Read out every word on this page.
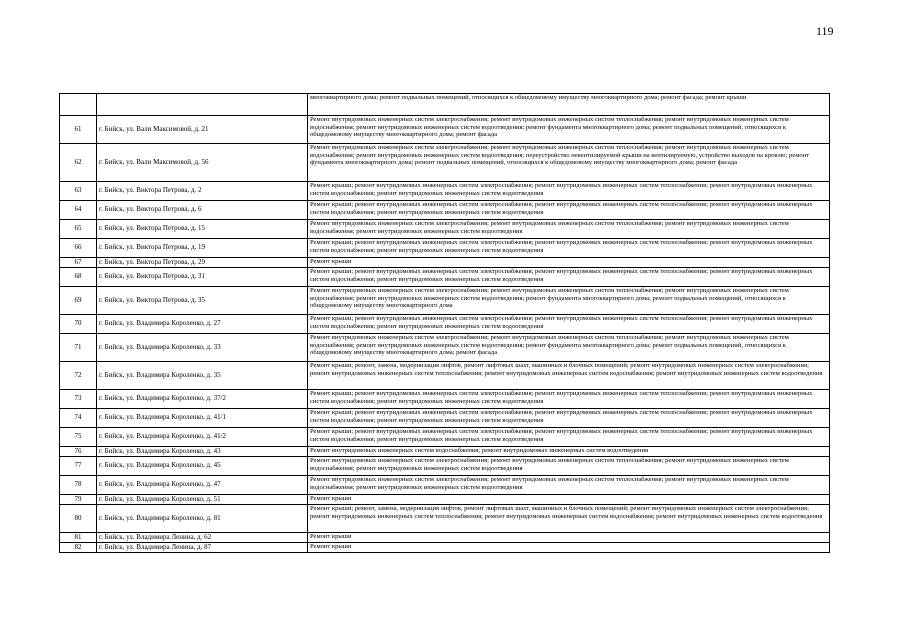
119
		многоквартирного дома; ремонт подвальных помещений, относящихся к общедомовому имуществу многоквартирного дома; ремонт фасада; ремонт крыши
61	г. Бийск, ул. Вали Максимовой, д. 21	Ремонт внутридомовых инженерных систем электроснабжения; ремонт внутридомовых инженерных систем теплоснабжения; ремонт внутридомовых инженерных систем водоснабжения; ремонт внутридомовых инженерных систем водоотведения; ремонт фундамента многоквартирного дома; ремонт подвальных помещений, относящихся к общедомовому имуществу многоквартирного дома; ремонт фасада
62	г. Бийск, ул. Вали Максимовой, д. 56	Ремонт внутридомовых инженерных систем электроснабжения; ремонт внутридомовых инженерных систем теплоснабжения; ремонт внутридомовых инженерных систем водоснабжения; ремонт внутридомовых инженерных систем водоотведения; переустройство невентилируемой крыши на вентилируемую, устройство выходов на кровлю; ремонт фундамента многоквартирного дома; ремонт подвальных помещений, относящихся к общедомовому имуществу многоквартирного дома; ремонт фасада
63	г. Бийск, ул. Виктора Петрова, д. 2	Ремонт крыши; ремонт внутридомовых инженерных систем электроснабжения; ремонт внутридомовых инженерных систем теплоснабжения; ремонт внутридомовых инженерных систем водоснабжения; ремонт внутридомовых инженерных систем водоотведения
64	г. Бийск, ул. Виктора Петрова, д. 6	Ремонт крыши; ремонт внутридомовых инженерных систем электроснабжения; ремонт внутридомовых инженерных систем теплоснабжения; ремонт внутридомовых инженерных систем водоснабжения; ремонт внутридомовых инженерных систем водоотведения
65	г. Бийск, ул. Виктора Петрова, д. 15	Ремонт внутридомовых инженерных систем электроснабжения; ремонт внутридомовых инженерных систем теплоснабжения; ремонт внутридомовых инженерных систем водоснабжения; ремонт внутридомовых инженерных систем водоотведения
66	г. Бийск, ул. Виктора Петрова, д. 19	Ремонт крыши; ремонт внутридомовых инженерных систем электроснабжения; ремонт внутридомовых инженерных систем теплоснабжения; ремонт внутридомовых инженерных систем водоснабжения; ремонт внутридомовых инженерных систем водоотведения
67	г. Бийск, ул. Виктора Петрова, д. 29	Ремонт крыши
68	г. Бийск, ул. Виктора Петрова, д. 31	Ремонт крыши; ремонт внутридомовых инженерных систем электроснабжения; ремонт внутридомовых инженерных систем теплоснабжения; ремонт внутридомовых инженерных систем водоснабжения; ремонт внутридомовых инженерных систем водоотведения
69	г. Бийск, ул. Виктора Петрова, д. 35	Ремонт внутридомовых инженерных систем электроснабжения; ремонт внутридомовых инженерных систем теплоснабжения; ремонт внутридомовых инженерных систем водоснабжения; ремонт внутридомовых инженерных систем водоотведения; ремонт фундамента многоквартирного дома; ремонт подвальных помещений, относящихся к общедомовому имуществу многоквартирного дома
70	г. Бийск, ул. Владимира Короленко, д. 27	Ремонт крыши; ремонт внутридомовых инженерных систем электроснабжения; ремонт внутридомовых инженерных систем теплоснабжения; ремонт внутридомовых инженерных систем водоснабжения; ремонт внутридомовых инженерных систем водоотведения
71	г. Бийск, ул. Владимира Короленко, д. 33	Ремонт внутридомовых инженерных систем электроснабжения; ремонт внутридомовых инженерных систем теплоснабжения; ремонт внутридомовых инженерных систем водоснабжения; ремонт внутридомовых инженерных систем водоотведения; ремонт фундамента многоквартирного дома; ремонт подвальных помещений, относящихся к общедомовому имуществу многоквартирного дома; ремонт фасада
72	г. Бийск, ул. Владимира Короленко, д. 35	Ремонт крыши; ремонт, замена, модернизация лифтов, ремонт лифтовых шахт, машинных и блочных помещений; ремонт внутридомовых инженерных систем электроснабжения; ремонт внутридомовых инженерных систем теплоснабжения; ремонт внутридомовых инженерных систем водоснабжения; ремонт внутридомовых инженерных систем водоотведения
73	г. Бийск, ул. Владимира Короленко, д. 37/2	Ремонт крыши; ремонт внутридомовых инженерных систем электроснабжения; ремонт внутридомовых инженерных систем теплоснабжения; ремонт внутридомовых инженерных систем водоснабжения; ремонт внутридомовых инженерных систем водоотведения
74	г. Бийск, ул. Владимира Короленко, д. 41/1	Ремонт крыши; ремонт внутридомовых инженерных систем электроснабжения; ремонт внутридомовых инженерных систем теплоснабжения; ремонт внутридомовых инженерных систем водоснабжения; ремонт внутридомовых инженерных систем водоотведения
75	г. Бийск, ул. Владимира Короленко, д. 41/2	Ремонт крыши; ремонт внутридомовых инженерных систем электроснабжения; ремонт внутридомовых инженерных систем теплоснабжения; ремонт внутридомовых инженерных систем водоснабжения; ремонт внутридомовых инженерных систем водоотведения
76	г. Бийск, ул. Владимира Короленко, д. 43	Ремонт внутридомовых инженерных систем водоснабжения; ремонт внутридомовых инженерных систем водоотведения
77	г. Бийск, ул. Владимира Короленко, д. 45	Ремонт внутридомовых инженерных систем электроснабжения; ремонт внутридомовых инженерных систем теплоснабжения; ремонт внутридомовых инженерных систем водоснабжения; ремонт внутридомовых инженерных систем водоотведения
78	г. Бийск, ул. Владимира Короленко, д. 47	Ремонт внутридомовых инженерных систем электроснабжения; ремонт внутридомовых инженерных систем теплоснабжения; ремонт внутридомовых инженерных систем водоснабжения; ремонт внутридомовых инженерных систем водоотведения
79	г. Бийск, ул. Владимира Короленко, д. 51	Ремонт крыши
80	г. Бийск, ул. Владимира Короленко, д. 81	Ремонт крыши; ремонт, замена, модернизация лифтов, ремонт лифтовых шахт, машинных и блочных помещений; ремонт внутридомовых инженерных систем электроснабжения; ремонт внутридомовых инженерных систем теплоснабжения; ремонт внутридомовых инженерных систем водоснабжения; ремонт внутридомовых инженерных систем водоотведения
81	г. Бийск, ул. Владимира Ленина, д. 62	Ремонт крыши
82	г. Бийск, ул. Владимира Ленина, д. 87	Ремонт крыши
